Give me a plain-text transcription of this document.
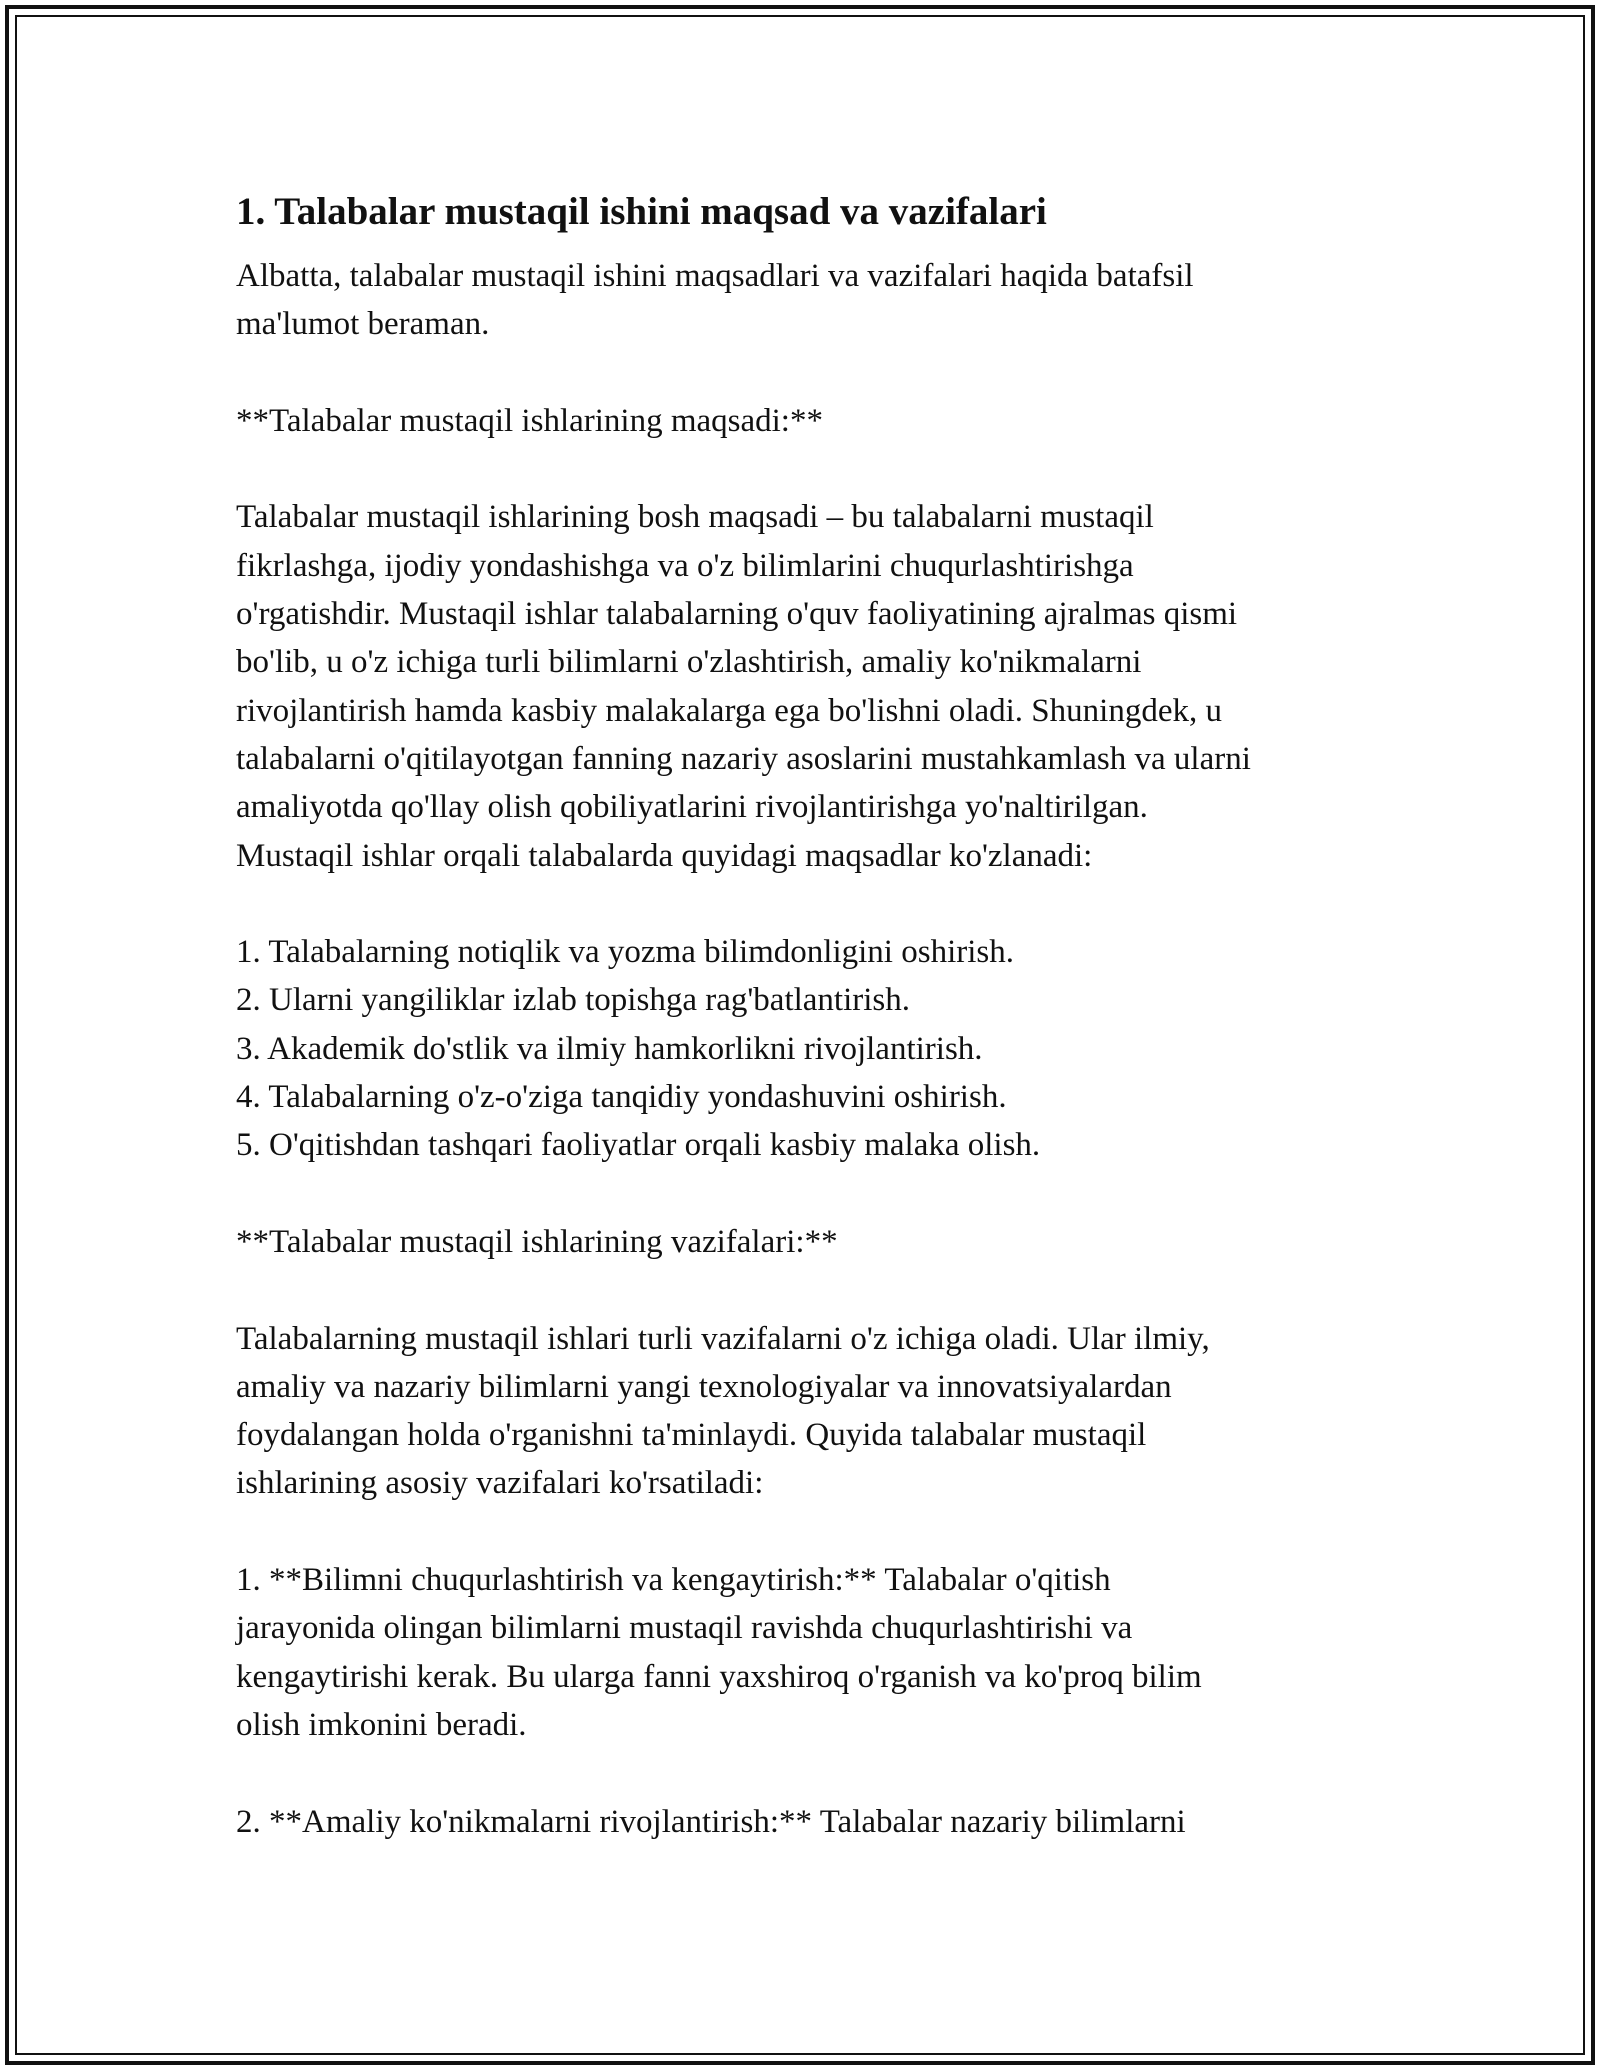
1. Talabalar mustaqil ishini maqsad va vazifalari
Albatta, talabalar mustaqil ishini maqsadlari va vazifalari haqida batafsil
ma'lumot beraman.
**Talabalar mustaqil ishlarining maqsadi:**
Talabalar mustaqil ishlarining bosh maqsadi – bu talabalarni mustaqil
fikrlashga, ijodiy yondashishga va o'z bilimlarini chuqurlashtirishga
o'rgatishdir. Mustaqil ishlar talabalarning o'quv faoliyatining ajralmas qismi
bo'lib, u o'z ichiga turli bilimlarni o'zlashtirish, amaliy ko'nikmalarni
rivojlantirish hamda kasbiy malakalarga ega bo'lishni oladi. Shuningdek, u
talabalarni o'qitilayotgan fanning nazariy asoslarini mustahkamlash va ularni
amaliyotda qo'llay olish qobiliyatlarini rivojlantirishga yo'naltirilgan.
Mustaqil ishlar orqali talabalarda quyidagi maqsadlar ko'zlanadi:
1. Talabalarning notiqlik va yozma bilimdonligini oshirish.
2. Ularni yangiliklar izlab topishga rag'batlantirish.
3. Akademik do'stlik va ilmiy hamkorlikni rivojlantirish.
4. Talabalarning o'z-o'ziga tanqidiy yondashuvini oshirish.
5. O'qitishdan tashqari faoliyatlar orqali kasbiy malaka olish.
**Talabalar mustaqil ishlarining vazifalari:**
Talabalarning mustaqil ishlari turli vazifalarni o'z ichiga oladi. Ular ilmiy,
amaliy va nazariy bilimlarni yangi texnologiyalar va innovatsiyalardan
foydalangan holda o'rganishni ta'minlaydi. Quyida talabalar mustaqil
ishlarining asosiy vazifalari ko'rsatiladi:
1. **Bilimni chuqurlashtirish va kengaytirish:** Talabalar o'qitish
jarayonida olingan bilimlarni mustaqil ravishda chuqurlashtirishi va
kengaytirishi kerak. Bu ularga fanni yaxshiroq o'rganish va ko'proq bilim
olish imkonini beradi.
2. **Amaliy ko'nikmalarni rivojlantirish:** Talabalar nazariy bilimlarni
